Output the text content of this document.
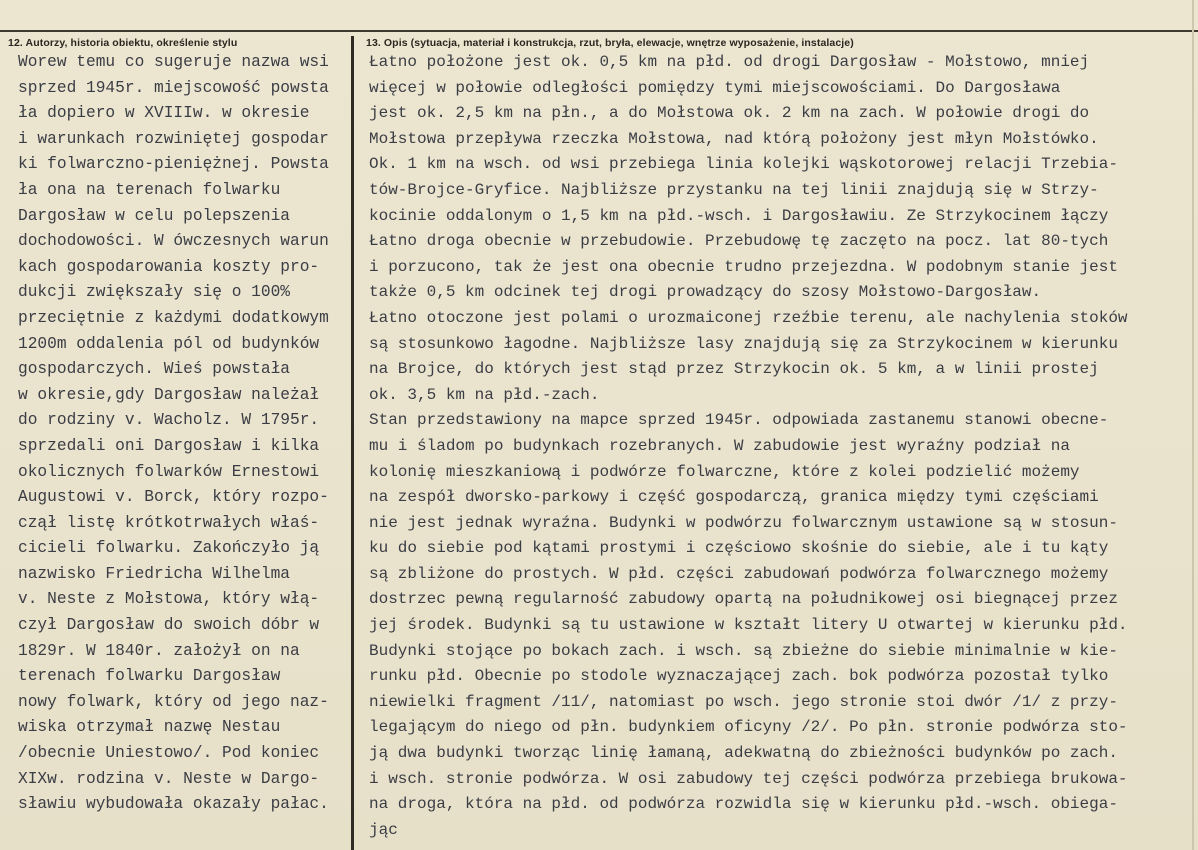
12. Autorzy, historia obiektu, określenie stylu	13. Opis (sytuacja, materiał i konstrukcja, rzut, bryła, elewacje, wnętrze wyposażenie, instalacje)
Worew temu co sugeruje nazwa wsi
sprzed 1945r. miejscowość powsta
ła dopiero w XVIIIw. w okresie
i warunkach rozwiniętej gospodar
ki folwarczno-pieniężnej. Powsta
ła ona na terenach folwarku
Dargosław w celu polepszenia
dochodowości. W ówczesnych warun
kach gospodarowania koszty pro-
dukcji zwiększały się o 100%
przeciętnie z każdymi dodatkowym
1200m oddalenia pól od budynków
gospodarczych. Wieś powstała
w okresie,gdy Dargosław należał
do rodziny v. Wacholz. W 1795r.
sprzedali oni Dargosław i kilka
okolicznych folwarków Ernestowi
Augustowi v. Borck, który rozpo-
czął listę krótkotrwałych właś-
cicieli folwarku. Zakończyło ją
nazwisko Friedricha Wilhelma
v. Neste z Mołstowa, który włą-
czył Dargosław do swoich dóbr w
1829r. W 1840r. założył on na
terenach folwarku Dargosław
nowy folwark, który od jego naz-
wiska otrzymał nazwę Nestau
/obecnie Uniestowo/. Pod koniec
XIXw. rodzina v. Neste w Dargo-
sławiu wybudowała okazały pałac.
Łatno położone jest ok. 0,5 km na płd. od drogi Dargosław - Mołstowo, mniej
więcej w połowie odległości pomiędzy tymi miejscowościami. Do Dargosława
jest ok. 2,5 km na płn., a do Mołstowa ok. 2 km na zach. W połowie drogi do
Mołstowa przepływa rzeczka Mołstowa, nad którą położony jest młyn Mołstówko.
Ok. 1 km na wsch. od wsi przebiega linia kolejki wąskotorowej relacji Trzebia-
tów-Brojce-Gryfice. Najbliższe przystanku na tej linii znajdują się w Strzy-
kocinie oddalonym o 1,5 km na płd.-wsch. i Dargosławiu. Ze Strzykocinem łączy
Łatno droga obecnie w przebudowie. Przebudowę tę zaczęto na pocz. lat 80-tych
i porzucono, tak że jest ona obecnie trudno przejezdna. W podobnym stanie jest
także 0,5 km odcinek tej drogi prowadzący do szosy Mołstowo-Dargosław.
Łatno otoczone jest polami o urozmaiconej rzeźbie terenu, ale nachylenia stoków
są stosunkowo łagodne. Najbliższe lasy znajdują się za Strzykocinem w kierunku
na Brojce, do których jest stąd przez Strzykocin ok. 5 km, a w linii prostej
ok. 3,5 km na płd.-zach.
Stan przedstawiony na mapce sprzed 1945r. odpowiada zastanemu stanowi obecne-
mu i śladom po budynkach rozebranych. W zabudowie jest wyraźny podział na
kolonię mieszkaniową i podwórze folwarczne, które z kolei podzielić możemy
na zespół dworsko-parkowy i część gospodarczą, granica między tymi częściami
nie jest jednak wyraźna. Budynki w podwórzu folwarcznym ustawione są w stosun-
ku do siebie pod kątami prostymi i częściowo skośnie do siebie, ale i tu kąty
są zbliżone do prostych. W płd. części zabudowań podwórza folwarcznego możemy
dostrzec pewną regularność zabudowy opartą na południkowej osi biegnącej przez
jej środek. Budynki są tu ustawione w kształt litery U otwartej w kierunku płd.
Budynki stojące po bokach zach. i wsch. są zbieżne do siebie minimalnie w kie-
runku płd. Obecnie po stodole wyznaczającej zach. bok podwórza pozostał tylko
niewielki fragment /11/, natomiast po wsch. jego stronie stoi dwór /1/ z przy-
legającym do niego od płn. budynkiem oficyny /2/. Po płn. stronie podwórza sto-
ją dwa budynki tworząc linię łamaną, adekwatną do zbieżności budynków po zach.
i wsch. stronie podwórza. W osi zabudowy tej części podwórza przebiega brukowa-
na droga, która na płd. od podwórza rozwidla się w kierunku płd.-wsch. obiega-
jąc
